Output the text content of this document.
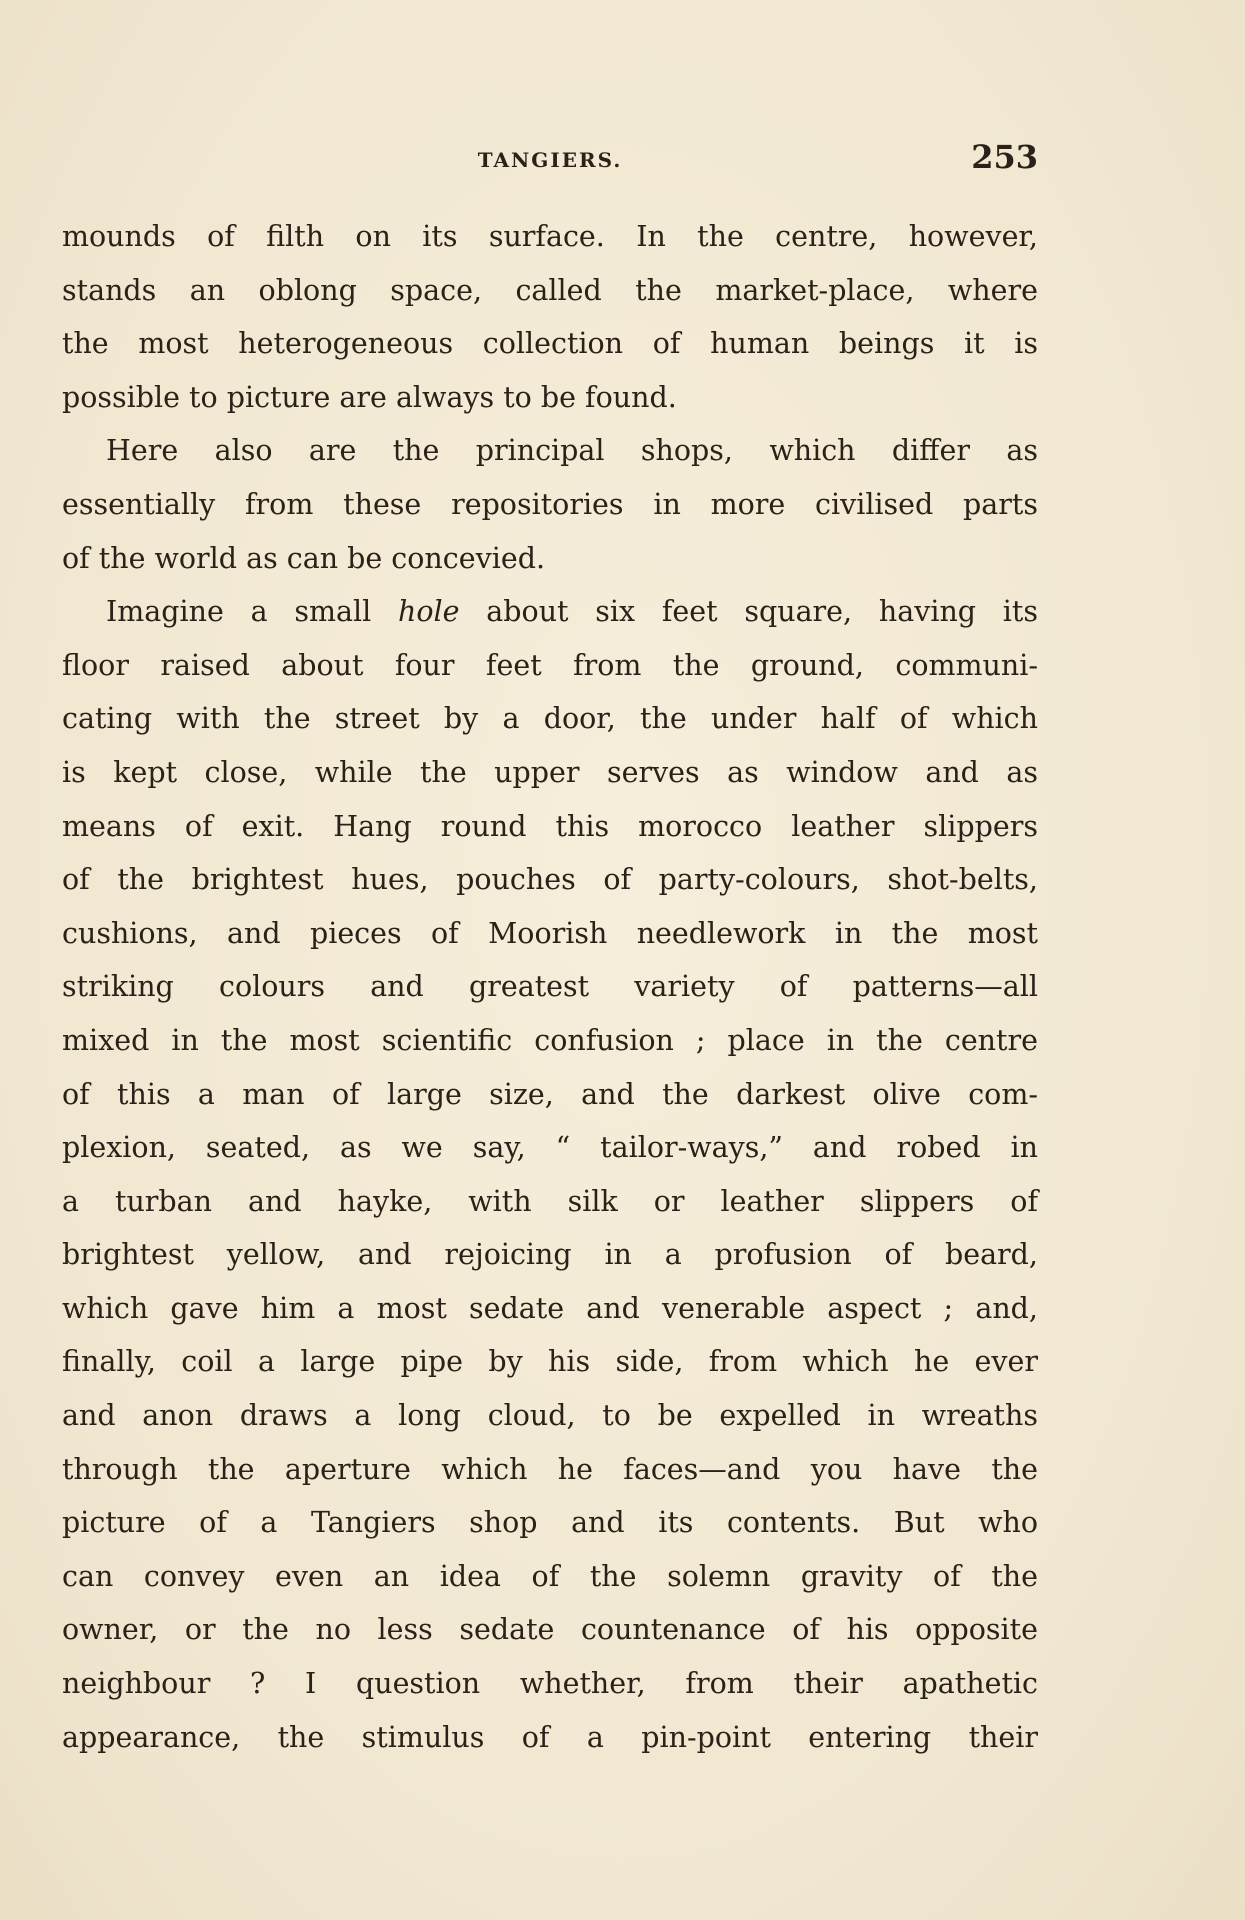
TANGIERS.	253
mounds of filth on its surface. In the centre, however,
stands an oblong space, called the market-place, where
the most heterogeneous collection of human beings it is
possible to picture are always to be found.
Here also are the principal shops, which differ as
essentially from these repositories in more civilised parts
of the world as can be concevied.
Imagine a small hole about six feet square, having its
floor raised about four feet from the ground, communi-
cating with the street by a door, the under half of which
is kept close, while the upper serves as window and as
means of exit. Hang round this morocco leather slippers
of the brightest hues, pouches of party-colours, shot-belts,
cushions, and pieces of Moorish needlework in the most
striking colours and greatest variety of patterns—all
mixed in the most scientific confusion ; place in the centre
of this a man of large size, and the darkest olive com-
plexion, seated, as we say, “ tailor-ways,” and robed in
a turban and hayke, with silk or leather slippers of
brightest yellow, and rejoicing in a profusion of beard,
which gave him a most sedate and venerable aspect ; and,
finally, coil a large pipe by his side, from which he ever
and anon draws a long cloud, to be expelled in wreaths
through the aperture which he faces—and you have the
picture of a Tangiers shop and its contents. But who
can convey even an idea of the solemn gravity of the
owner, or the no less sedate countenance of his opposite
neighbour ? I question whether, from their apathetic
appearance, the stimulus of a pin-point entering their
